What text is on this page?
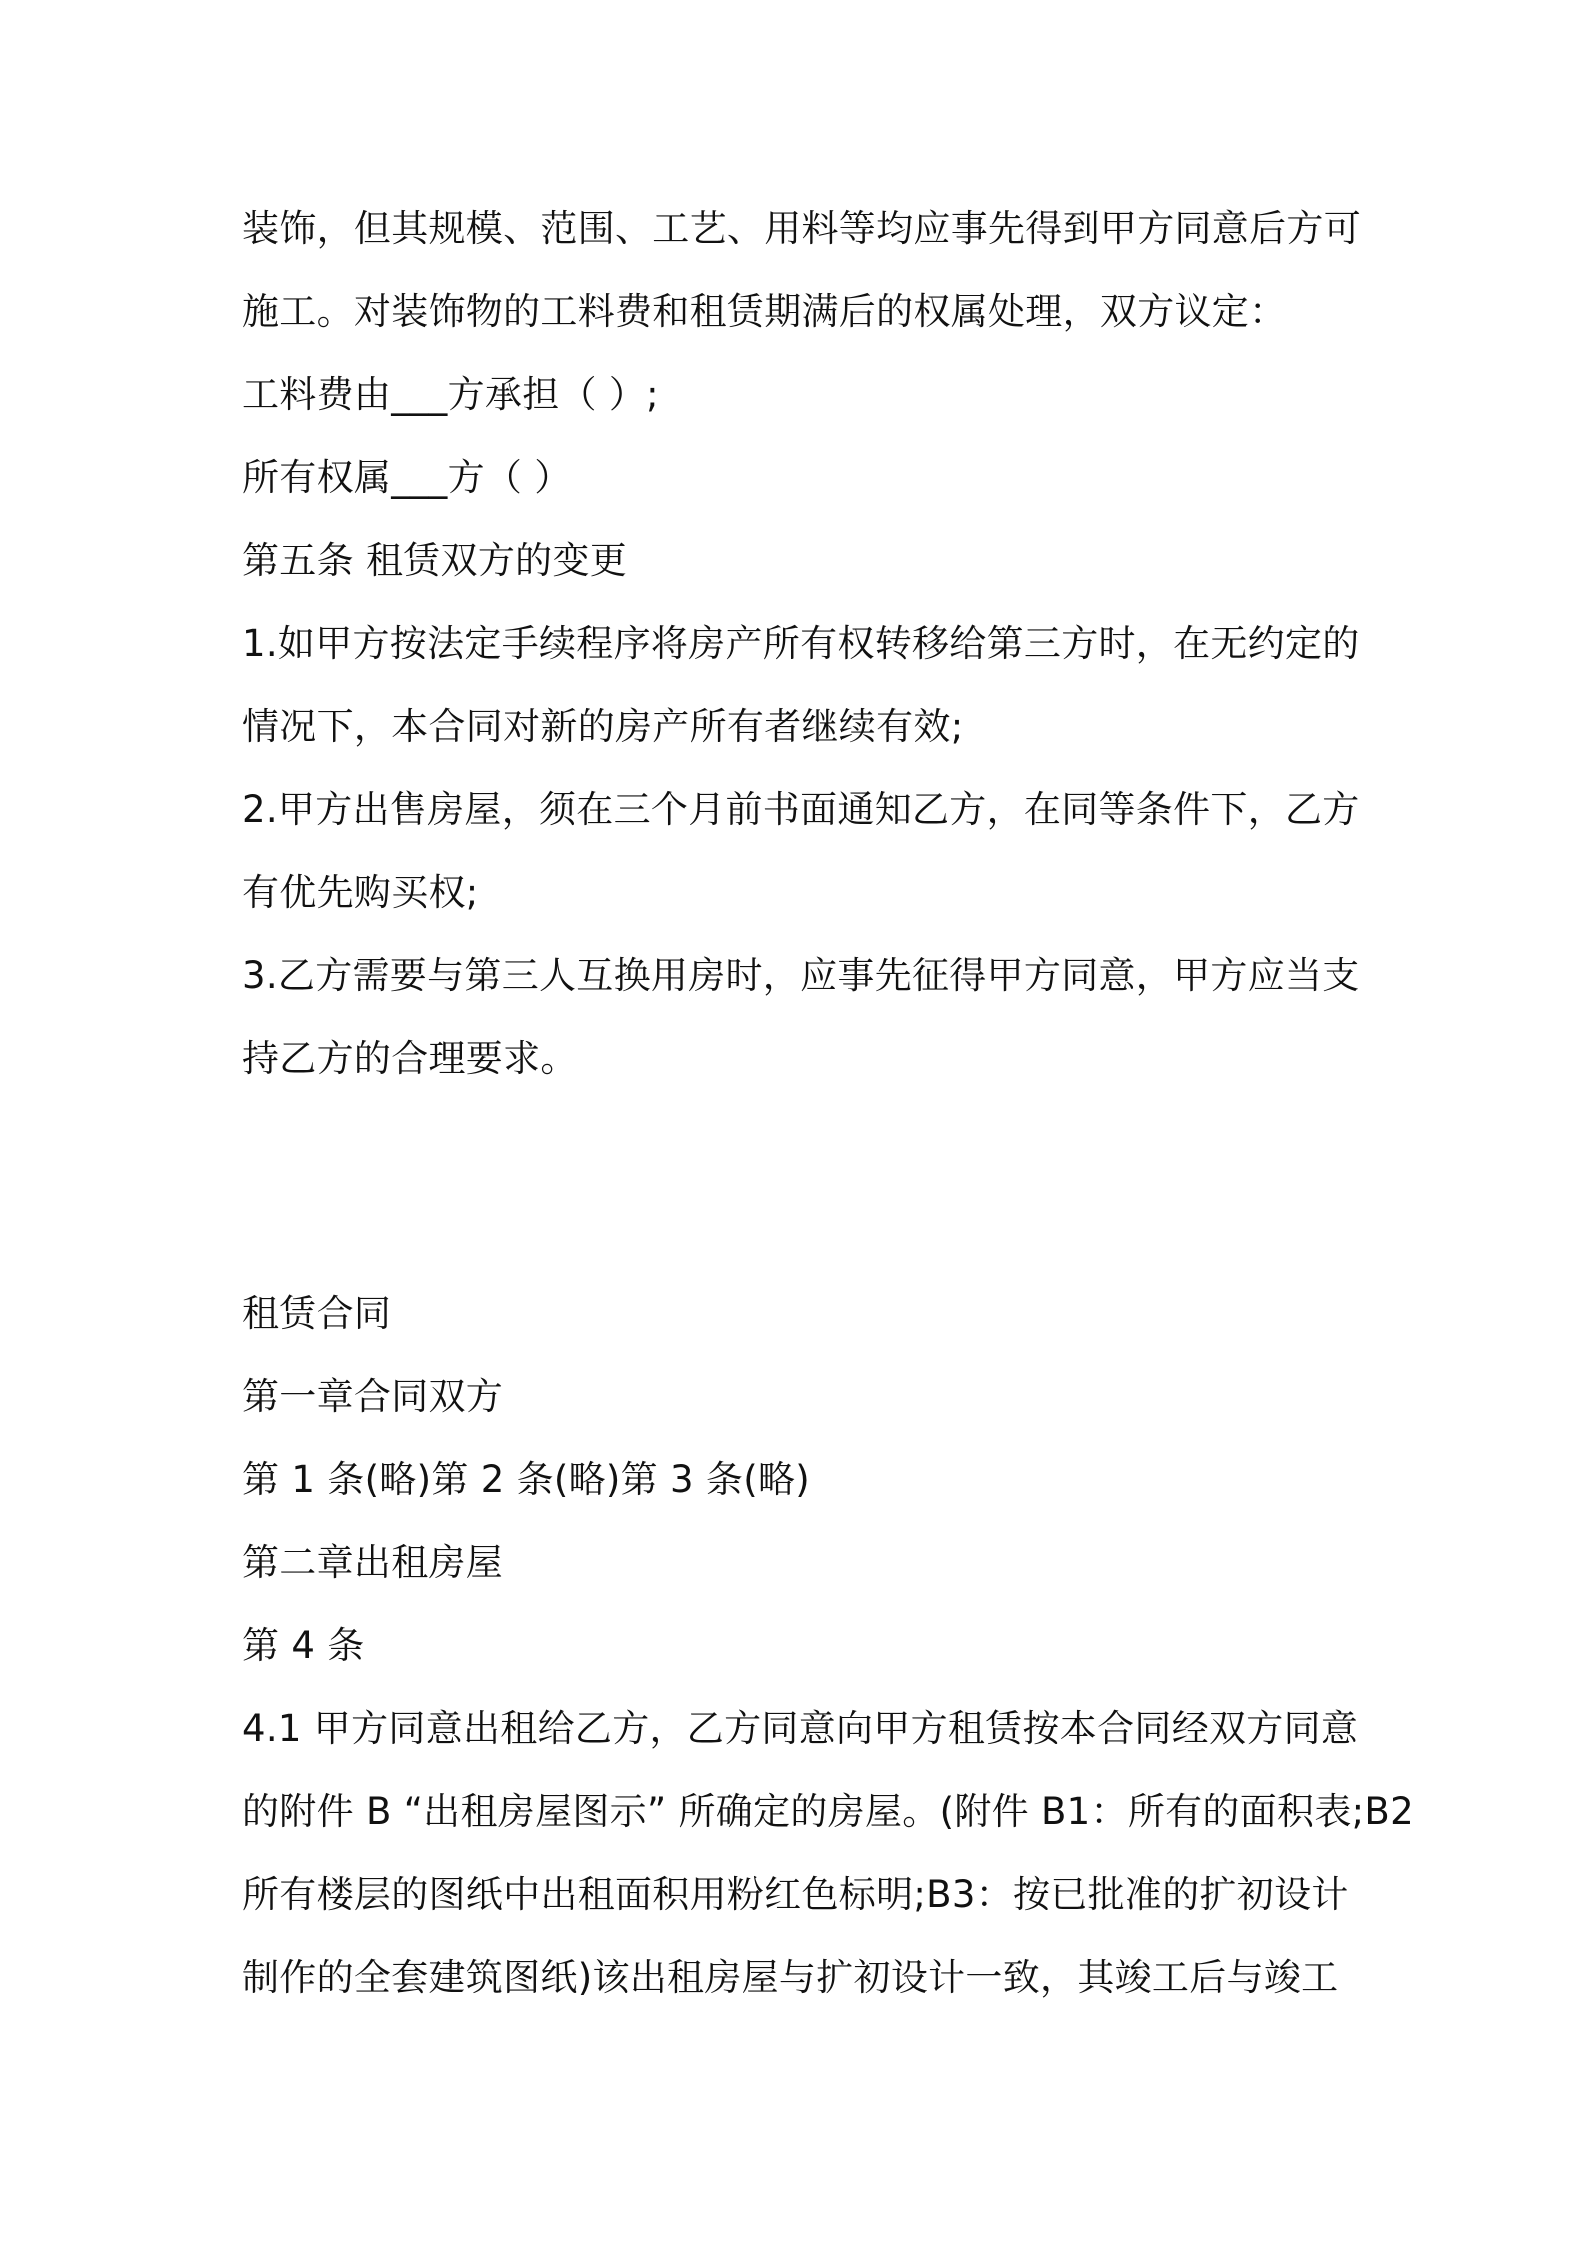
装饰，但其规模、范围、工艺、用料等均应事先得到甲方同意后方可
施工。对装饰物的工料费和租赁期满后的权属处理，双方议定：
工料费由___方承担（ ）;
所有权属___方（ ）
第五条 租赁双方的变更
1.如甲方按法定手续程序将房产所有权转移给第三方时，在无约定的
情况下，本合同对新的房产所有者继续有效;
2.甲方出售房屋，须在三个月前书面通知乙方，在同等条件下，乙方
有优先购买权;
3.乙方需要与第三人互换用房时，应事先征得甲方同意，甲方应当支
持乙方的合理要求。
租赁合同
第一章合同双方
第 1 条(略)第 2 条(略)第 3 条(略)
第二章出租房屋
第 4 条
4.1 甲方同意出租给乙方，乙方同意向甲方租赁按本合同经双方同意
的附件 B “出租房屋图示” 所确定的房屋。(附件 B1：所有的面积表;B2
所有楼层的图纸中出租面积用粉红色标明;B3：按已批准的扩初设计
制作的全套建筑图纸)该出租房屋与扩初设计一致，其竣工后与竣工
